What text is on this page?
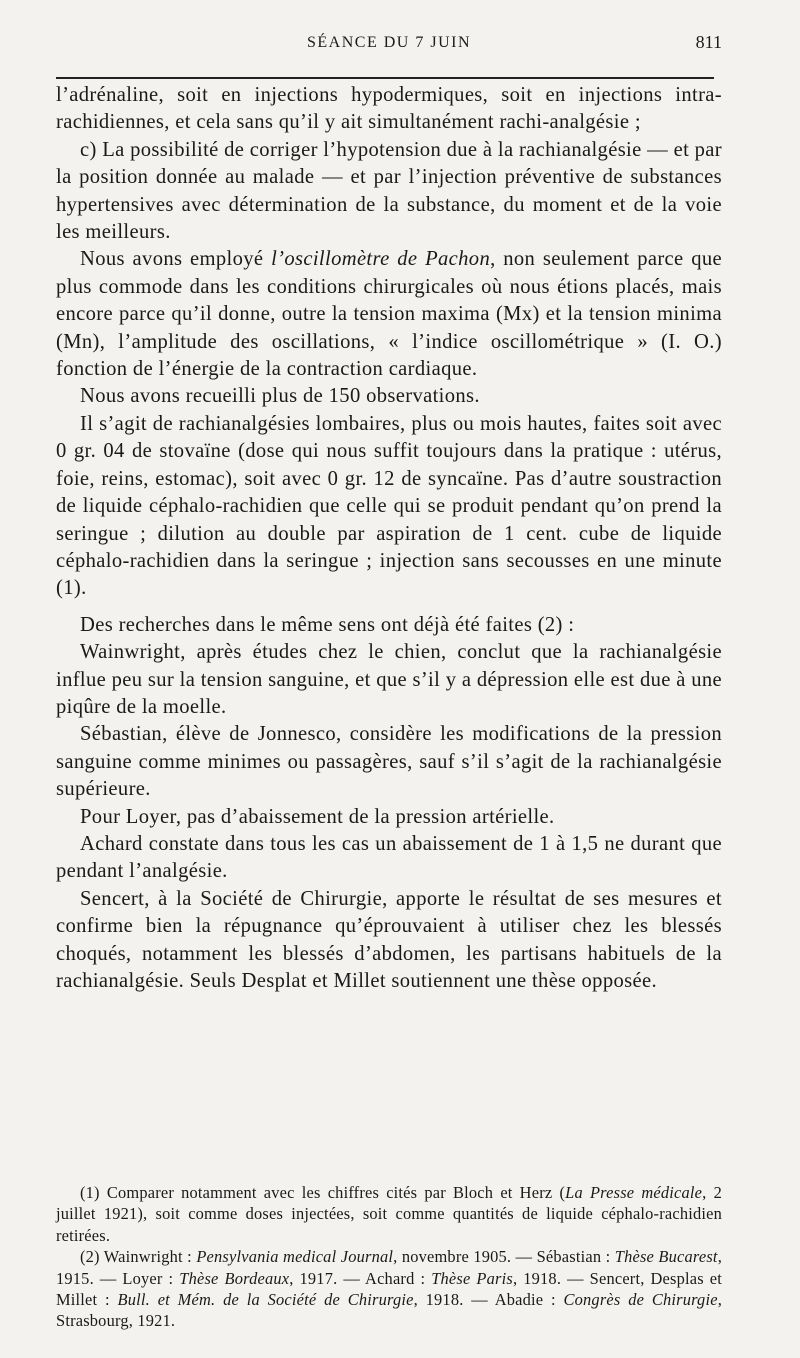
SÉANCE DU 7 JUIN	811

l’adrénaline, soit en injections hypodermiques, soit en injections intra-rachidiennes, et cela sans qu’il y ait simultanément rachi-analgésie ;

c) La possibilité de corriger l’hypotension due à la rachianalgésie — et par la position donnée au malade — et par l’injection préventive de substances hypertensives avec détermination de la substance, du moment et de la voie les meilleurs.

Nous avons employé l’oscillomètre de Pachon, non seulement parce que plus commode dans les conditions chirurgicales où nous étions placés, mais encore parce qu’il donne, outre la tension maxima (Mx) et la tension minima (Mn), l’amplitude des oscillations, « l’indice oscillométrique » (I. O.) fonction de l’énergie de la contraction cardiaque.

Nous avons recueilli plus de 150 observations.

Il s’agit de rachianalgésies lombaires, plus ou mois hautes, faites soit avec 0 gr. 04 de stovaïne (dose qui nous suffit toujours dans la pratique : utérus, foie, reins, estomac), soit avec 0 gr. 12 de syncaïne. Pas d’autre soustraction de liquide céphalo-rachidien que celle qui se produit pendant qu’on prend la seringue ; dilution au double par aspiration de 1 cent. cube de liquide céphalo-rachidien dans la seringue ; injection sans secousses en une minute (1).

Des recherches dans le même sens ont déjà été faites (2) :

Wainwright, après études chez le chien, conclut que la rachianalgésie influe peu sur la tension sanguine, et que s’il y a dépression elle est due à une piqûre de la moelle.

Sébastian, élève de Jonnesco, considère les modifications de la pression sanguine comme minimes ou passagères, sauf s’il s’agit de la rachianalgésie supérieure.

Pour Loyer, pas d’abaissement de la pression artérielle.

Achard constate dans tous les cas un abaissement de 1 à 1,5 ne durant que pendant l’analgésie.

Sencert, à la Société de Chirurgie, apporte le résultat de ses mesures et confirme bien la répugnance qu’éprouvaient à utiliser chez les blessés choqués, notamment les blessés d’abdomen, les partisans habituels de la rachianalgésie. Seuls Desplat et Millet soutiennent une thèse opposée.

(1) Comparer notamment avec les chiffres cités par Bloch et Herz (La Presse médicale, 2 juillet 1921), soit comme doses injectées, soit comme quantités de liquide céphalo-rachidien retirées.

(2) Wainwright : Pensylvania medical Journal, novembre 1905. — Sébastian : Thèse Bucarest, 1915. — Loyer : Thèse Bordeaux, 1917. — Achard : Thèse Paris, 1918. — Sencert, Desplas et Millet : Bull. et Mém. de la Société de Chirurgie, 1918. — Abadie : Congrès de Chirurgie, Strasbourg, 1921.
